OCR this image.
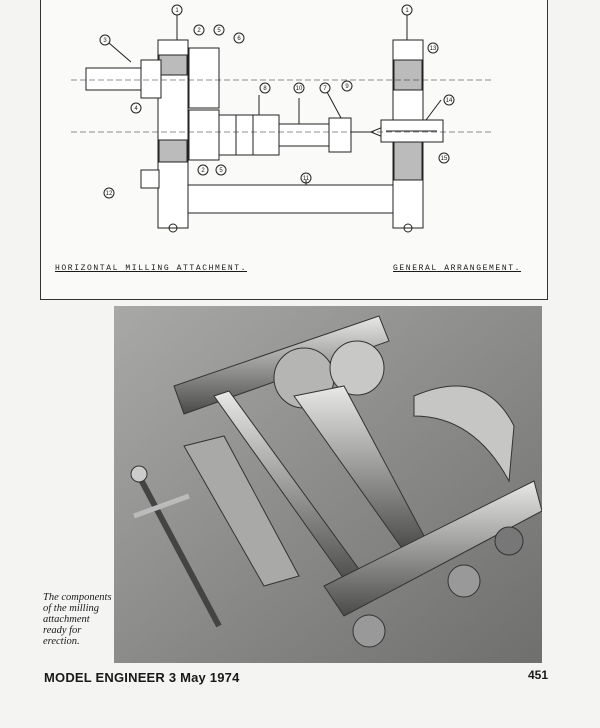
1	1
3
2	5
6
4
8	10	7	9
13
14
15
2 5
12
11
HORIZONTAL MILLING ATTACHMENT.	GENERAL ARRANGEMENT.
The components of the milling attachment ready for erection.
MODEL ENGINEER 3 May 1974	451
